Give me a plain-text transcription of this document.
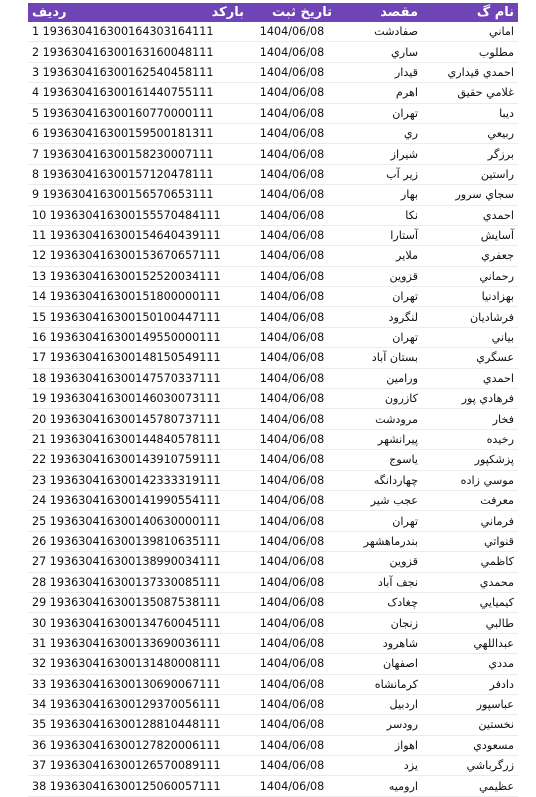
نام گ	مقصد	تاریخ ثبت	بارکد	ردیف
اماني	صفادشت	1404/06/08	1 193630416300164303164111	
مطلوب	ساري	1404/06/08	2 193630416300163160048111	
احمدي قيداري	قيدار	1404/06/08	3 193630416300162540458111	
غلامي حقيق	اهرم	1404/06/08	4 193630416300161440755111	
ديبا	تهران	1404/06/08	5 193630416300160770000111	
ربيعي	ري	1404/06/08	6 193630416300159500181311	
برزگر	شيراز	1404/06/08	7 193630416300158230007111	
راستين	زير آب	1404/06/08	8 193630416300157120478111	
سجاي سرور	بهار	1404/06/08	9 193630416300156570653111	
احمدي	نكا	1404/06/08	10 193630416300155570484111	
آسايش	آستارا	1404/06/08	11 193630416300154640439111	
جعفري	ملاير	1404/06/08	12 193630416300153670657111	
رحماني	قزوين	1404/06/08	13 193630416300152520034111	
بهزادنيا	تهران	1404/06/08	14 193630416300151800000111	
فرشاديان	لنگرود	1404/06/08	15 193630416300150100447111	
بياني	تهران	1404/06/08	16 193630416300149550000111	
عسگري	بستان آباد	1404/06/08	17 193630416300148150549111	
احمدي	ورامين	1404/06/08	18 193630416300147570337111	
فرهادي پور	كازرون	1404/06/08	19 193630416300146030073111	
فخار	مرودشت	1404/06/08	20 193630416300145780737111	
رخيده	پيرانشهر	1404/06/08	21 193630416300144840578111	
پزشكپور	ياسوج	1404/06/08	22 193630416300143910759111	
موسي زاده	چهاردانگه	1404/06/08	23 193630416300142333319111	
معرفت	عجب شير	1404/06/08	24 193630416300141990554111	
فرماني	تهران	1404/06/08	25 193630416300140630000111	
قنواتي	بندرماهشهر	1404/06/08	26 193630416300139810635111	
كاظمي	قزوين	1404/06/08	27 193630416300138990034111	
محمدي	نجف آباد	1404/06/08	28 193630416300137330085111	
كيميايي	چغادک	1404/06/08	29 193630416300135087538111	
طالبي	زنجان	1404/06/08	30 193630416300134760045111	
عبداللهي	شاهرود	1404/06/08	31 193630416300133690036111	
مددي	اصفهان	1404/06/08	32 193630416300131480008111	
دادفر	كرمانشاه	1404/06/08	33 193630416300130690067111	
عباسپور	اردبيل	1404/06/08	34 193630416300129370056111	
نخستين	رودسر	1404/06/08	35 193630416300128810448111	
مسعودي	اهواز	1404/06/08	36 193630416300127820006111	
زرگرباشي	يزد	1404/06/08	37 193630416300126570089111	
عظيمي	اروميه	1404/06/08	38 193630416300125060057111	
